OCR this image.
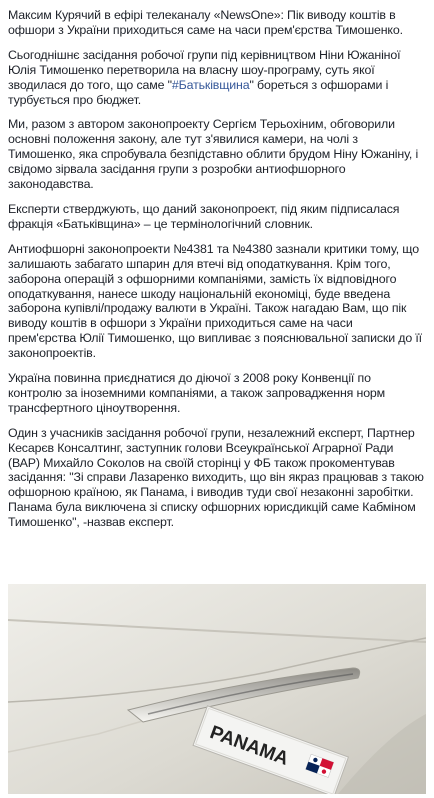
Максим Курячий в ефірі телеканалу «NewsOne»: Пік виводу коштів в офшори з України приходиться саме на часи прем'єрства Тимошенко.

Сьогоднішнє засідання робочої групи під керівництвом Ніни Южаніної Юлія Тимошенко перетворила на власну шоу-програму, суть якої зводилася до того, що саме "#Батьківщина" бореться з офшорами і турбується про бюджет.

Ми, разом з автором законопроекту Сергієм Терьохіним, обговорили основні положення закону, але тут з'явилися камери, на чолі з Тимошенко, яка спробувала безпідставно облити брудом Ніну Южаніну, і свідомо зірвала засідання групи з розробки антиофшорного законодавства.

Експерти стверджують, що даний законопроект, під яким підписалася фракція «Батьківщина» – це термінологічний словник.

Антиофшорні законопроекти №4381 та №4380 зазнали критики тому, що залишають забагато шпарин для втечі від оподаткування. Крім того, заборона операцій з офшорними компаніями, замість їх відповідного оподаткування, нанесе шкоду національній економіці, буде введена заборона купівлі/продажу валюти в Україні. Також нагадаю Вам, що пік виводу коштів в офшори з України приходиться саме на часи прем'єрства Юлії Тимошенко, що випливає з пояснювальної записки до її законопроектів.

Україна повинна приєднатися до діючої з 2008 року Конвенції по контролю за іноземними компаніями, а також запровадження норм трансфертного ціноутворення.

Один з учасників засідання робочої групи, незалежний експерт, Партнер Кесарєв Консалтинг, заступник голови Всеукраїнської Аграрної Ради (ВАР) Михайло Соколов на своїй сторінці у ФБ також прокоментував засідання: "Зі справи Лазаренко виходить, що він якраз працював з такою офшорною країною, як Панама, і виводив туди свої незаконні заробітки. Панама була виключена зі списку офшорних юрисдикцій саме Кабміном Тимошенко", -назвав експерт.

PANAMA
